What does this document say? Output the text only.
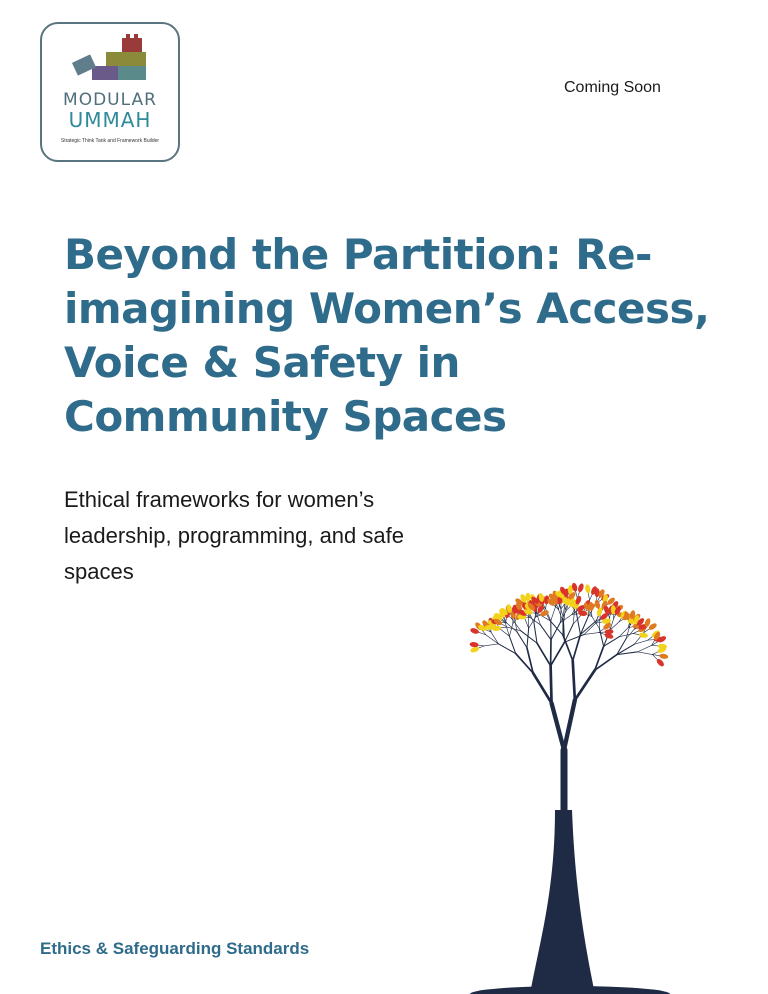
MODULAR
UMMAH
Strategic Think Tank and Framework Builder
Coming Soon
Beyond the Partition: Re-imagining Women’s Access, Voice & Safety in Community Spaces

Ethical frameworks for women’s leadership, programming, and safe spaces

Ethics & Safeguarding Standards
